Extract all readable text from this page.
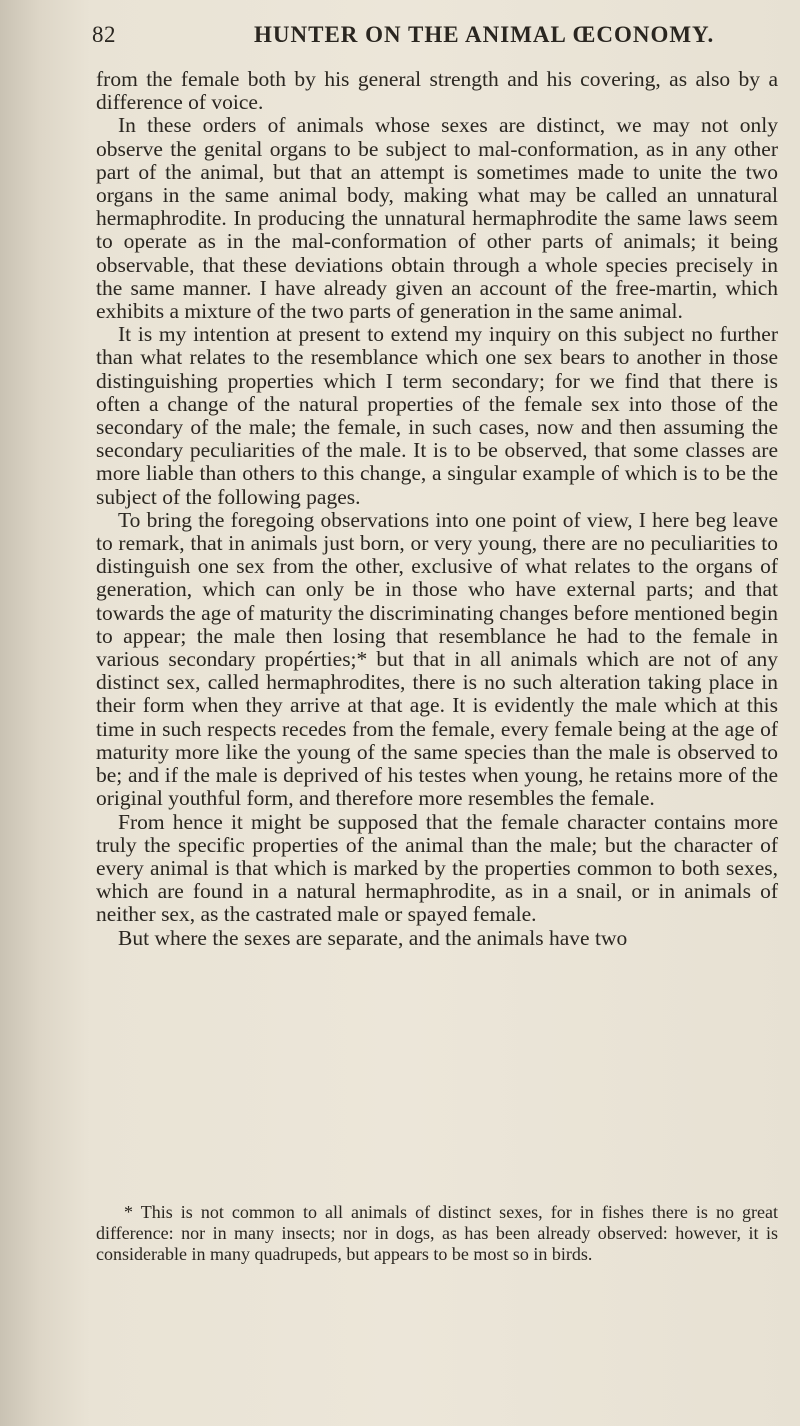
82	HUNTER ON THE ANIMAL ŒCONOMY.

from the female both by his general strength and his covering, as also by a difference of voice.

In these orders of animals whose sexes are distinct, we may not only observe the genital organs to be subject to mal-conformation, as in any other part of the animal, but that an attempt is sometimes made to unite the two organs in the same animal body, making what may be called an unnatural hermaphrodite. In producing the unnatural hermaphrodite the same laws seem to operate as in the mal-conformation of other parts of animals; it being observable, that these deviations obtain through a whole species precisely in the same manner. I have already given an account of the free-martin, which exhibits a mixture of the two parts of generation in the same animal.

It is my intention at present to extend my inquiry on this subject no further than what relates to the resemblance which one sex bears to another in those distinguishing properties which I term secondary; for we find that there is often a change of the natural properties of the female sex into those of the secondary of the male; the female, in such cases, now and then assuming the secondary peculiarities of the male. It is to be observed, that some classes are more liable than others to this change, a singular example of which is to be the subject of the following pages.

To bring the foregoing observations into one point of view, I here beg leave to remark, that in animals just born, or very young, there are no peculiarities to distinguish one sex from the other, exclusive of what relates to the organs of generation, which can only be in those who have external parts; and that towards the age of maturity the discriminating changes before mentioned begin to appear; the male then losing that resemblance he had to the female in various secondary propérties;* but that in all animals which are not of any distinct sex, called hermaphrodites, there is no such alteration taking place in their form when they arrive at that age. It is evidently the male which at this time in such respects recedes from the female, every female being at the age of maturity more like the young of the same species than the male is observed to be; and if the male is deprived of his testes when young, he retains more of the original youthful form, and therefore more resembles the female.

From hence it might be supposed that the female character contains more truly the specific properties of the animal than the male; but the character of every animal is that which is marked by the properties common to both sexes, which are found in a natural hermaphrodite, as in a snail, or in animals of neither sex, as the castrated male or spayed female.

But where the sexes are separate, and the animals have two

* This is not common to all animals of distinct sexes, for in fishes there is no great difference: nor in many insects; nor in dogs, as has been already observed: however, it is considerable in many quadrupeds, but appears to be most so in birds.
